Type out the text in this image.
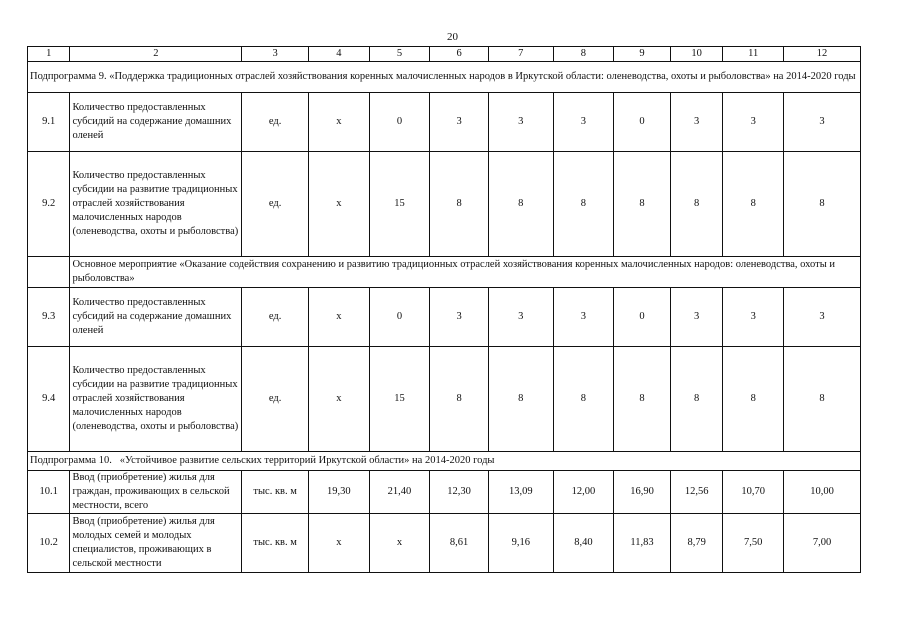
20
1	2	3	4	5	6	7	8	9	10	11	12
Подпрограмма 9. «Поддержка традиционных отраслей хозяйствования коренных малочисленных народов в Иркутской области: оленеводства, охоты и рыболовства» на 2014-2020 годы											
9.1	Количество предоставленных субсидий на содержание домашних оленей	ед.	х	0	3	3	3	0	3	3	3
9.2	Количество предоставленных субсидии на развитие традиционных отраслей хозяйствования малочисленных народов (оленеводства, охоты и рыболовства)	ед.	х	15	8	8	8	8	8	8	8
	Основное мероприятие «Оказание содействия сохранению и развитию традиционных отраслей хозяйствования коренных малочисленных народов: оленеводства, охоты и рыболовства»										
9.3	Количество предоставленных субсидий на содержание домашних оленей	ед.	х	0	3	3	3	0	3	3	3
9.4	Количество предоставленных субсидии на развитие традиционных отраслей хозяйствования малочисленных народов (оленеводства, охоты и рыболовства)	ед.	х	15	8	8	8	8	8	8	8
Подпрограмма 10.   «Устойчивое развитие сельских территорий Иркутской области» на 2014-2020 годы											
10.1	Ввод (приобретение) жилья для граждан, проживающих в сельской местности, всего	тыс. кв. м	19,30	21,40	12,30	13,09	12,00	16,90	12,56	10,70	10,00
10.2	Ввод (приобретение) жилья для молодых семей и молодых специалистов, проживающих в сельской местности	тыс. кв. м	х	х	8,61	9,16	8,40	11,83	8,79	7,50	7,00
